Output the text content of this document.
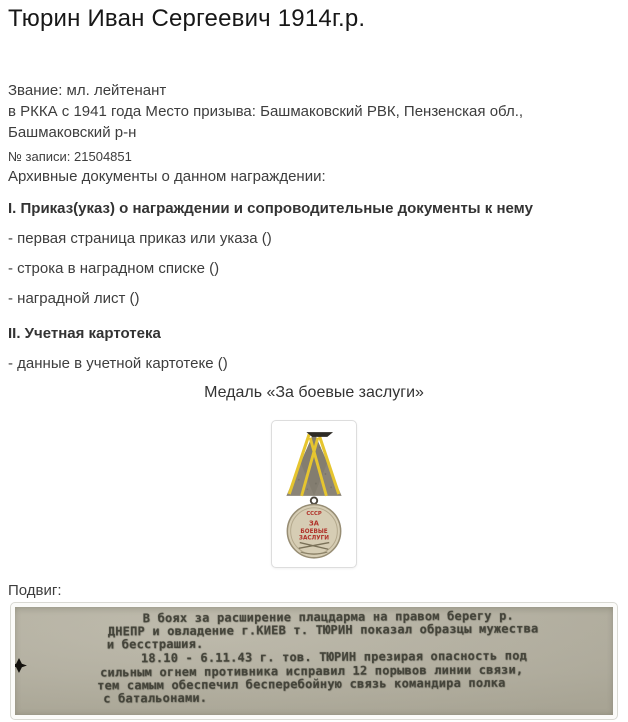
Тюрин Иван Сергеевич 1914г.р.
Звание: мл. лейтенант
в РККА с 1941 года Место призыва: Башмаковский РВК, Пензенская обл., Башмаковский р-н
№ записи: 21504851
Архивные документы о данном награждении:
I. Приказ(указ) о награждении и сопроводительные документы к нему
- первая страница приказ или указа ()
- строка в наградном списке ()
- наградной лист ()
II. Учетная картотека
- данные в учетной картотеке ()
Медаль «За боевые заслуги»
СССР
ЗА
БОЕВЫЕ
ЗАСЛУГИ
Подвиг:
В боях за расширение плацдарма на правом берегу р.
ДНЕПР и овладение г.КИЕВ т. ТЮРИН показал образцы мужества
и бесстрашия.
18.10 - 6.11.43 г. тов. ТЮРИН презирая опасность под
сильным огнем противника исправил 12 порывов линии связи,
тем самым обеспечил бесперебойную связь командира полка
с батальонами.
